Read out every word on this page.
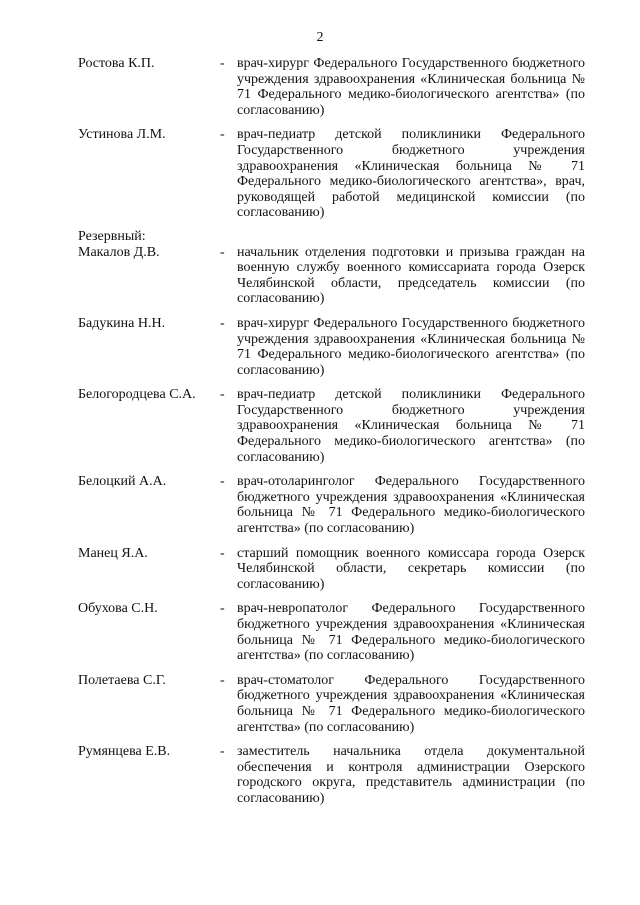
2
Ростова К.П.	- врач-хирург Федерального Государственного бюджетного учреждения здравоохранения «Клиническая больница № 71 Федерального медико-биологического агентства» (по согласованию)
Устинова Л.М.	- врач-педиатр детской поликлиники Федерального Государственного бюджетного учреждения здравоохранения «Клиническая больница № 71 Федерального медико-биологического агентства», врач, руководящей работой медицинской комиссии (по согласованию)
Резервный:
Макалов Д.В.	- начальник отделения подготовки и призыва граждан на военную службу военного комиссариата города Озерск Челябинской области, председатель комиссии (по согласованию)
Бадукина Н.Н.	- врач-хирург Федерального Государственного бюджетного учреждения здравоохранения «Клиническая больница № 71 Федерального медико-биологического агентства» (по согласованию)
Белогородцева С.А.	- врач-педиатр детской поликлиники Федерального Государственного бюджетного учреждения здравоохранения «Клиническая больница № 71 Федерального медико-биологического агентства» (по согласованию)
Белоцкий А.А.	- врач-отоларинголог Федерального Государственного бюджетного учреждения здравоохранения «Клиническая больница № 71 Федерального медико-биологического агентства» (по согласованию)
Манец Я.А.	- старший помощник военного комиссара города Озерск Челябинской области, секретарь комиссии (по согласованию)
Обухова С.Н.	- врач-невропатолог Федерального Государственного бюджетного учреждения здравоохранения «Клиническая больница № 71 Федерального медико-биологического агентства» (по согласованию)
Полетаева С.Г.	- врач-стоматолог Федерального Государственного бюджетного учреждения здравоохранения «Клиническая больница № 71 Федерального медико-биологического агентства» (по согласованию)
Румянцева Е.В.	- заместитель начальника отдела документальной обеспечения и контроля администрации Озерского городского округа, представитель администрации (по согласованию)
